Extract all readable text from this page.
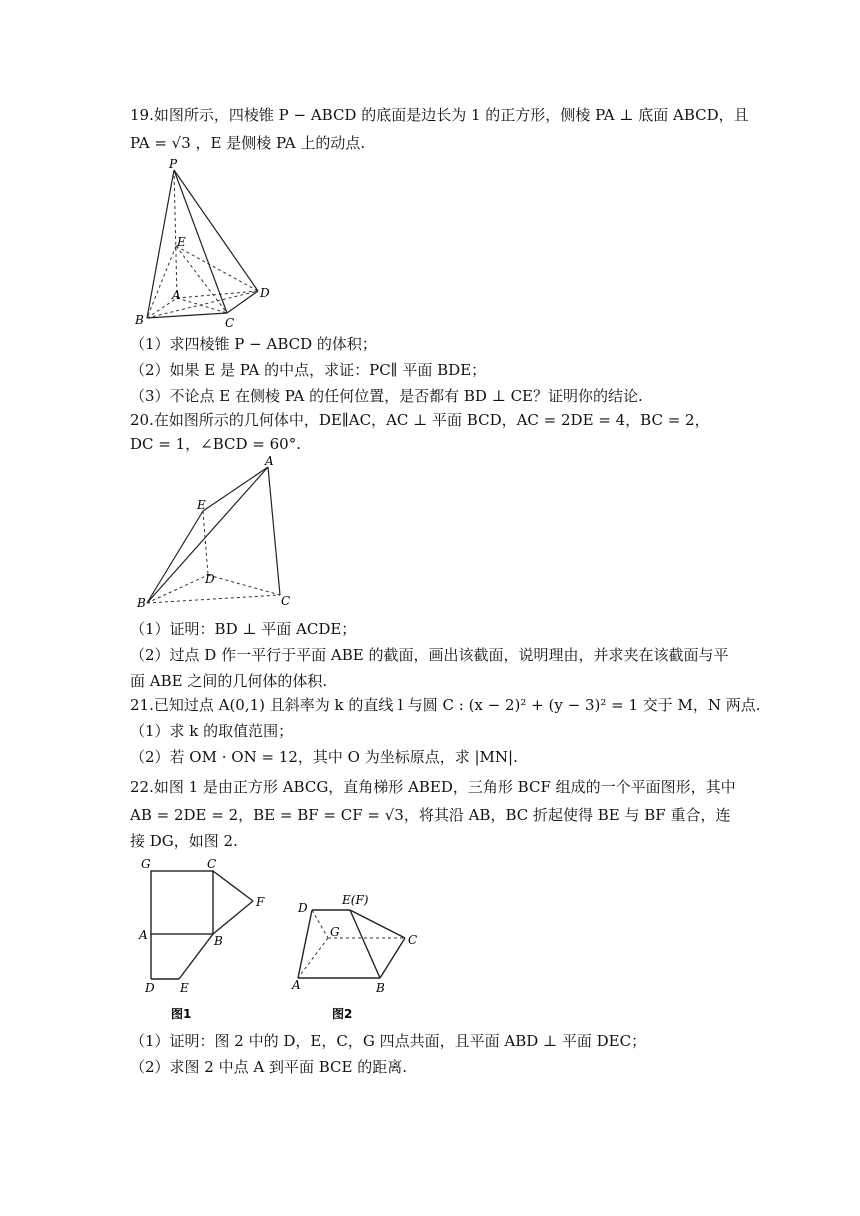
19.如图所示，四棱锥 P − ABCD 的底面是边长为 1 的正方形，侧棱 PA ⊥ 底面 ABCD，且
PA = √3 ，E 是侧棱 PA 上的动点.
P
E
A
B	C
D
（1）求四棱锥 P − ABCD 的体积；
（2）如果 E 是 PA 的中点，求证：PC∥ 平面 BDE；
（3）不论点 E 在侧棱 PA 的任何位置，是否都有 BD ⊥ CE？证明你的结论.
20.在如图所示的几何体中，DE∥AC，AC ⊥ 平面 BCD，AC = 2DE = 4，BC = 2，
DC = 1，∠BCD = 60°.
A
E
D
B	C
（1）证明：BD ⊥ 平面 ACDE；
（2）过点 D 作一平行于平面 ABE 的截面，画出该截面，说明理由，并求夹在该截面与平
面 ABE 之间的几何体的体积.
21.已知过点 A(0,1) 且斜率为 k 的直线 l 与圆 C : (x − 2)² + (y − 3)² = 1 交于 M，N 两点.
（1）求 k 的取值范围；
（2）若 OM · ON = 12，其中 O 为坐标原点，求 |MN|.
22.如图 1 是由正方形 ABCG，直角梯形 ABED，三角形 BCF 组成的一个平面图形，其中
AB = 2DE = 2，BE = BF = CF = √3，将其沿 AB，BC 折起使得 BE 与 BF 重合，连
接 DG，如图 2.
G	C
F
A	B
D E
图1
D
E(F)
G
C
A	B
图2
（1）证明：图 2 中的 D，E，C，G 四点共面，且平面 ABD ⊥ 平面 DEC；
（2）求图 2 中点 A 到平面 BCE 的距离.
